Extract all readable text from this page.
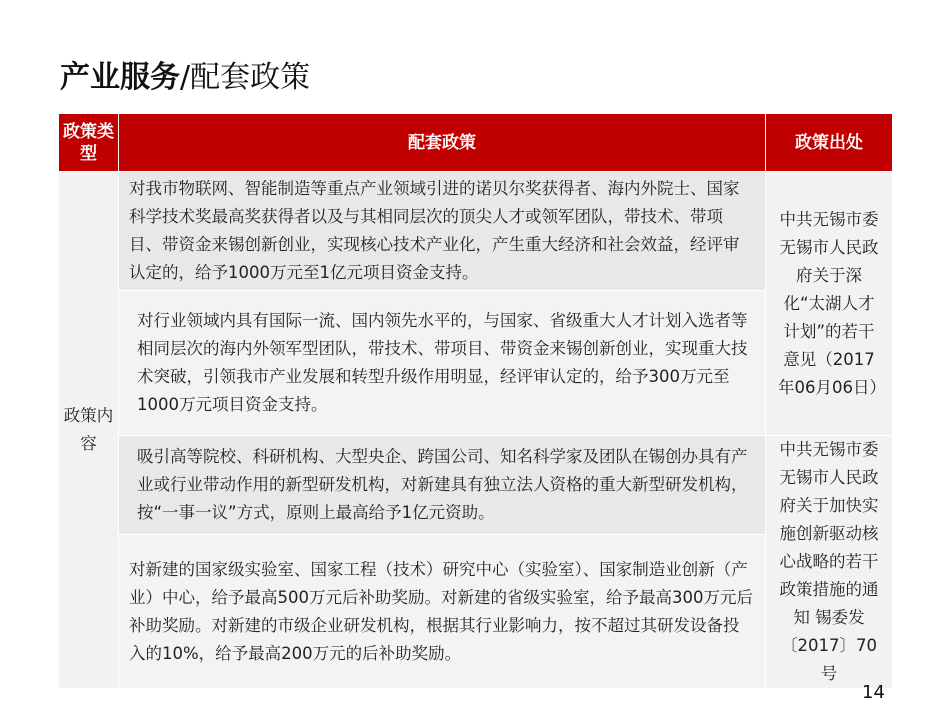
产业服务/配套政策
政策类型	配套政策	政策出处
政策内容	对我市物联网、智能制造等重点产业领域引进的诺贝尔奖获得者、海内外院士、国家科学技术奖最高奖获得者以及与其相同层次的顶尖人才或领军团队，带技术、带项目、带资金来锡创新创业，实现核心技术产业化，产生重大经济和社会效益，经评审认定的，给予1000万元至1亿元项目资金支持。	中共无锡市委无锡市人民政府关于深化“太湖人才计划”的若干意见（2017年06月06日）
	对行业领域内具有国际一流、国内领先水平的，与国家、省级重大人才计划入选者等相同层次的海内外领军型团队，带技术、带项目、带资金来锡创新创业，实现重大技术突破，引领我市产业发展和转型升级作用明显，经评审认定的，给予300万元至1000万元项目资金支持。	
	吸引高等院校、科研机构、大型央企、跨国公司、知名科学家及团队在锡创办具有产业或行业带动作用的新型研发机构，对新建具有独立法人资格的重大新型研发机构，按“一事一议”方式，原则上最高给予1亿元资助。	中共无锡市委 无锡市人民政府关于加快实施创新驱动核心战略的若干政策措施的通知 锡委发〔2017〕70号
	对新建的国家级实验室、国家工程（技术）研究中心（实验室）、国家制造业创新（产业）中心，给予最高500万元后补助奖励。对新建的省级实验室，给予最高300万元后补助奖励。对新建的市级企业研发机构，根据其行业影响力，按不超过其研发设备投入的10%，给予最高200万元的后补助奖励。	
14
